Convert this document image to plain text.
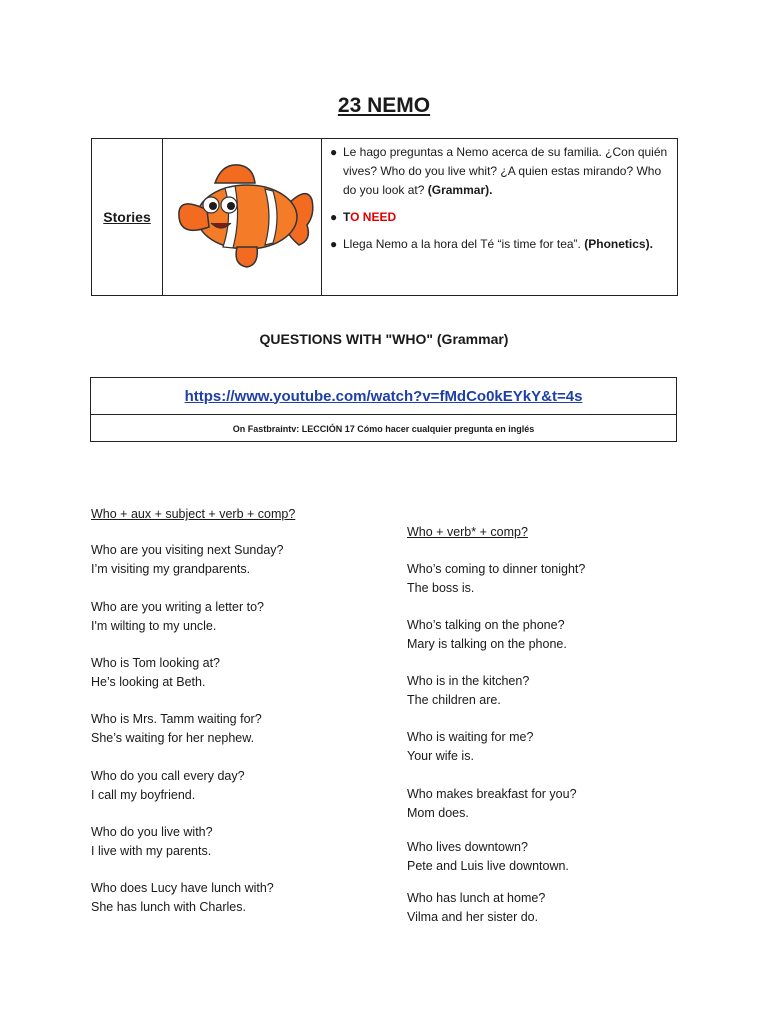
23 NEMO
Stories		
● Le hago preguntas a Nemo acerca de su familia. ¿Con quién vives? Who do you live whit? ¿A quien estas mirando? Who do you look at? (Grammar).
● TO NEED
● Llega Nemo a la hora del Té “is time for tea”. (Phonetics).
QUESTIONS WITH "WHO" (Grammar)
https://www.youtube.com/watch?v=fMdCo0kEYkY&t=4s
On Fastbraintv: LECCIÓN 17 Cómo hacer cualquier pregunta en inglés
Who + aux + subject + verb + comp?
Who are you visiting next Sunday?
I’m visiting my grandparents.
Who are you writing a letter to?
I'm wilting to my uncle.
Who is Tom looking at?
He’s looking at Beth.
Who is Mrs. Tamm waiting for?
She’s waiting for her nephew.
Who do you call every day?
I call my boyfriend.
Who do you live with?
I live with my parents.
Who does Lucy have lunch with?
She has lunch with Charles.
Who + verb* + comp?
Who’s coming to dinner tonight?
The boss is.
Who’s talking on the phone?
Mary is talking on the phone.
Who is in the kitchen?
The children are.
Who is waiting for me?
Your wife is.
Who makes breakfast for you?
Mom does.
Who lives downtown?
Pete and Luis live downtown.
Who has lunch at home?
Vilma and her sister do.
